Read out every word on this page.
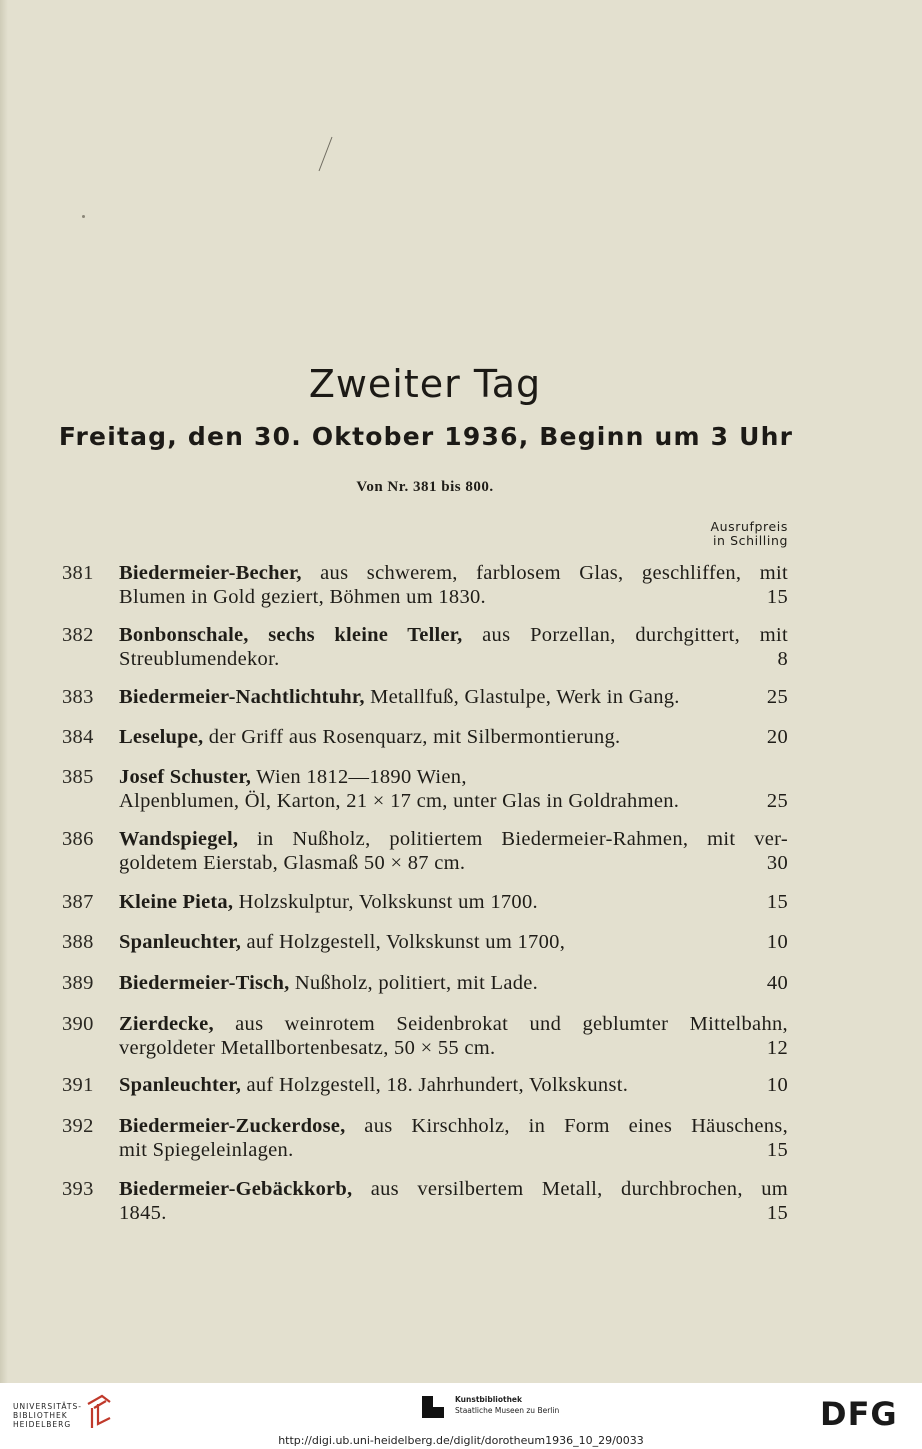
Zweiter Tag
Freitag, den 30. Oktober 1936, Beginn um 3 Uhr
Von Nr. 381 bis 800.
Ausrufpreis
in Schilling
381	Biedermeier-Becher, aus schwerem, farblosem Glas, geschliffen, mit
Blumen in Gold geziert, Böhmen um 1830.	15
382	Bonbonschale, sechs kleine Teller, aus Porzellan, durchgittert, mit
Streublumendekor.	8
383	Biedermeier-Nachtlichtuhr, Metallfuß, Glastulpe, Werk in Gang.	25
384	Leselupe, der Griff aus Rosenquarz, mit Silbermontierung.	20
385	Josef Schuster, Wien 1812—1890 Wien,
Alpenblumen, Öl, Karton, 21 × 17 cm, unter Glas in Goldrahmen.	25
386	Wandspiegel, in Nußholz, politiertem Biedermeier-Rahmen, mit ver-
goldetem Eierstab, Glasmaß 50 × 87 cm.	30
387	Kleine Pieta, Holzskulptur, Volkskunst um 1700.	15
388	Spanleuchter, auf Holzgestell, Volkskunst um 1700,	10
389	Biedermeier-Tisch, Nußholz, politiert, mit Lade.	40
390	Zierdecke, aus weinrotem Seidenbrokat und geblumter Mittelbahn,
vergoldeter Metallbortenbesatz, 50 × 55 cm.	12
391	Spanleuchter, auf Holzgestell, 18. Jahrhundert, Volkskunst.	10
392	Biedermeier-Zuckerdose, aus Kirschholz, in Form eines Häuschens,
mit Spiegeleinlagen.	15
393	Biedermeier-Gebäckkorb, aus versilbertem Metall, durchbrochen, um
1845.	15
UNIVERSITÄTS-
BIBLIOTHEK
HEIDELBERG
Kunstbibliothek
Staatliche Museen zu Berlin	DFG
http://digi.ub.uni-heidelberg.de/diglit/dorotheum1936_10_29/0033
